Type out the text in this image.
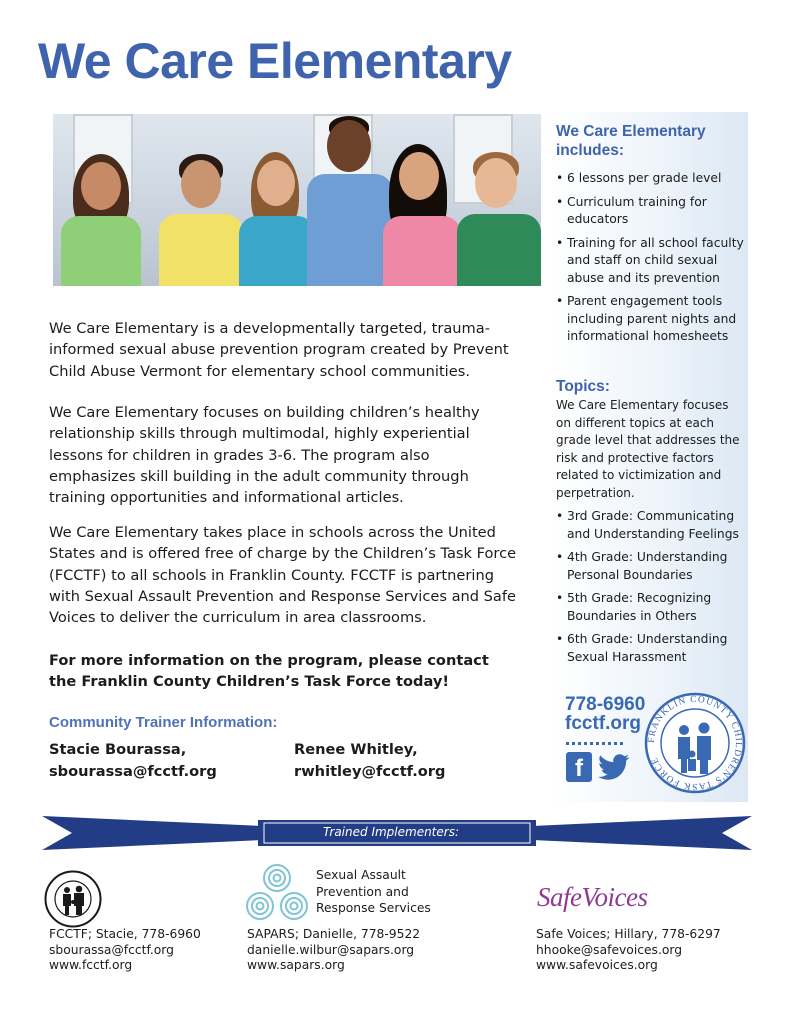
We Care Elementary
We Care Elementary includes:
• 6 lessons per grade level
• Curriculum training for educators
• Training for all school faculty and staff on child sexual abuse and its prevention
• Parent engagement tools including parent nights and informational homesheets
Topics:
We Care Elementary focuses on different topics at each grade level that addresses the risk and protective factors related to victimization and perpetration.
• 3rd Grade: Communicating and Understanding Feelings
• 4th Grade: Understanding Personal Boundaries
• 5th Grade: Recognizing Boundaries in Others
• 6th Grade: Understanding Sexual Harassment
778-6960
fcctf.org
f
FRANKLIN COUNTY CHILDREN'S TASK FORCE

We Care Elementary is a developmentally targeted, trauma-informed sexual abuse prevention program created by Prevent Child Abuse Vermont for elementary school communities.

We Care Elementary focuses on building children’s healthy relationship skills through multimodal, highly experiential lessons for children in grades 3-6. The program also emphasizes skill building in the adult community through training opportunities and informational articles.

We Care Elementary takes place in schools across the United States and is offered free of charge by the Children’s Task Force (FCCTF) to all schools in Franklin County. FCCTF is partnering with Sexual Assault Prevention and Response Services and Safe Voices to deliver the curriculum in area classrooms.

For more information on the program, please contact the Franklin County Children’s Task Force today!

Community Trainer Information:
Stacie Bourassa,
sbourassa@fcctf.org
Renee Whitley,
rwhitley@fcctf.org
Trained Implementers:
FCCTF; Stacie, 778-6960
sbourassa@fcctf.org
www.fcctf.org
Sexual Assault Prevention and Response Services
SAPARS; Danielle, 778-9522
danielle.wilbur@sapars.org
www.sapars.org
SafeVoices
Safe Voices; Hillary, 778-6297
hhooke@safevoices.org
www.safevoices.org
